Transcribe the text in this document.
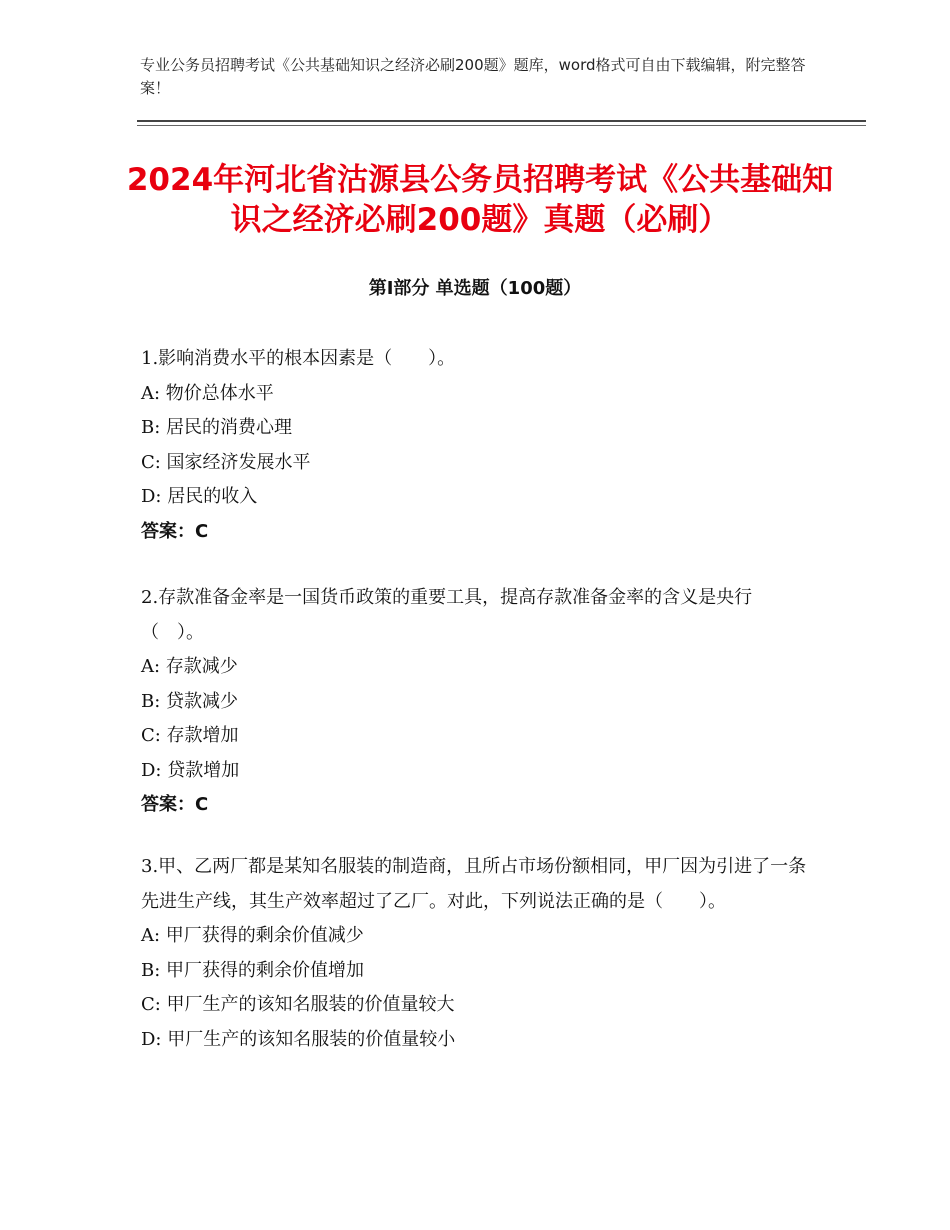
专业公务员招聘考试《公共基础知识之经济必刷200题》题库，word格式可自由下载编辑，附完整答案！
2024年河北省沽源县公务员招聘考试《公共基础知识之经济必刷200题》真题（必刷）
第Ⅰ部分 单选题（100题）

1.影响消费水平的根本因素是（　　）。

A: 物价总体水平

B: 居民的消费心理

C: 国家经济发展水平

D: 居民的收入

答案：C

2.存款准备金率是一国货币政策的重要工具，提高存款准备金率的含义是央行（　）。

A: 存款减少

B: 贷款减少

C: 存款增加

D: 贷款增加

答案：C

3.甲、乙两厂都是某知名服装的制造商，且所占市场份额相同，甲厂因为引进了一条先进生产线，其生产效率超过了乙厂。对此，下列说法正确的是（　　）。

A: 甲厂获得的剩余价值减少

B: 甲厂获得的剩余价值增加

C: 甲厂生产的该知名服装的价值量较大

D: 甲厂生产的该知名服装的价值量较小
